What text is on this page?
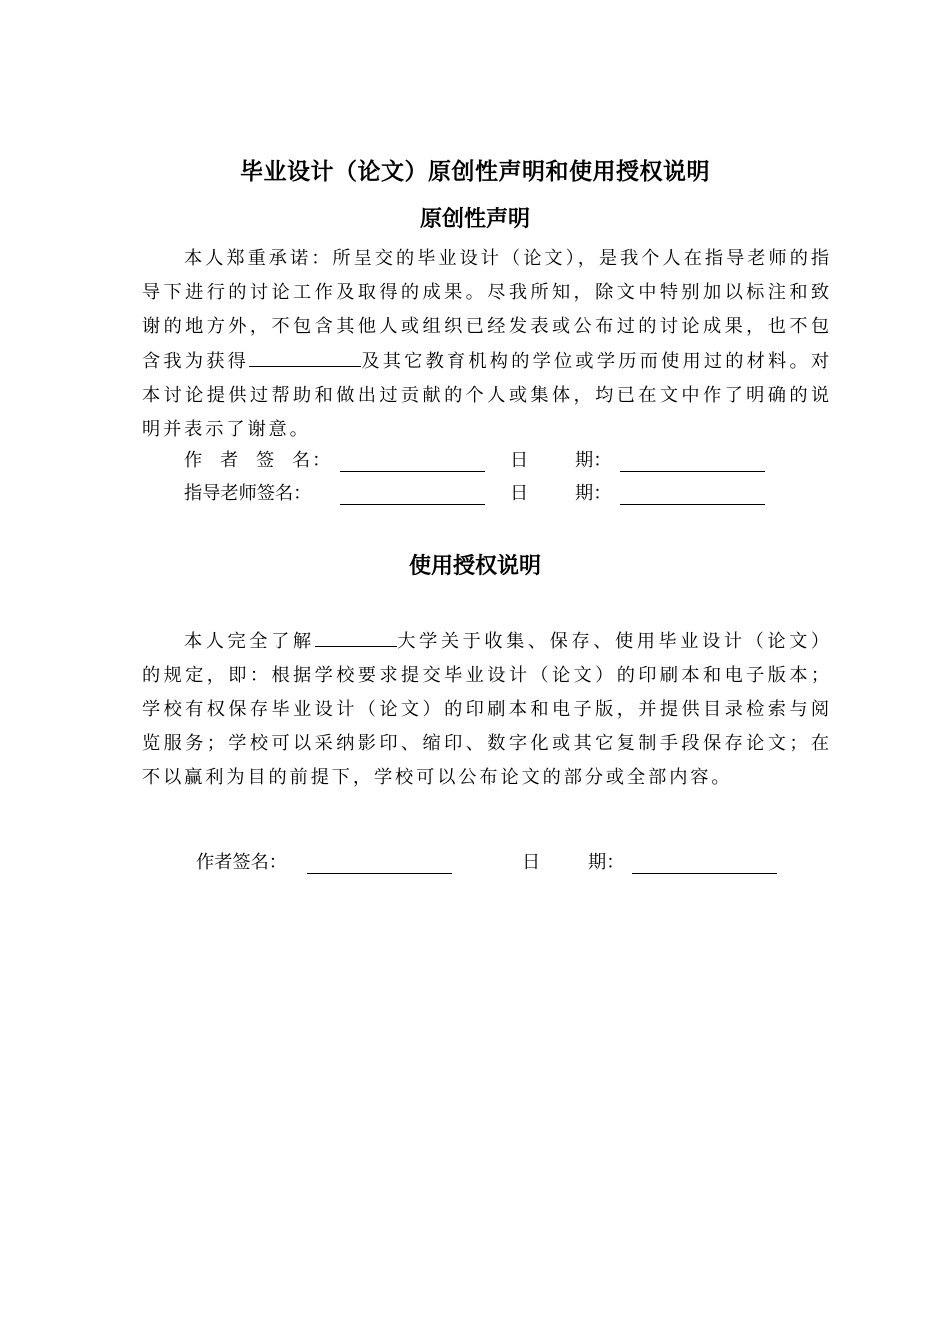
毕业设计（论文）原创性声明和使用授权说明
原创性声明

本人郑重承诺：所呈交的毕业设计（论文），是我个人在指导老师的指导下进行的讨论工作及取得的成果。尽我所知，除文中特别加以标注和致谢的地方外，不包含其他人或组织已经发表或公布过的讨论成果，也不包含我为获得	及其它教育机构的学位或学历而使用过的材料。对本讨论提供过帮助和做出过贡献的个人或集体，均已在文中作了明确的说明并表示了谢意。

作 者 签 名：	日	期：
指导老师签名：	日	期：
使用授权说明

本人完全了解	大学关于收集、保存、使用毕业设计（论文）的规定，即：根据学校要求提交毕业设计（论文）的印刷本和电子版本；学校有权保存毕业设计（论文）的印刷本和电子版，并提供目录检索与阅览服务；学校可以采纳影印、缩印、数字化或其它复制手段保存论文；在不以赢利为目的前提下，学校可以公布论文的部分或全部内容。

作者签名：	日	期：
